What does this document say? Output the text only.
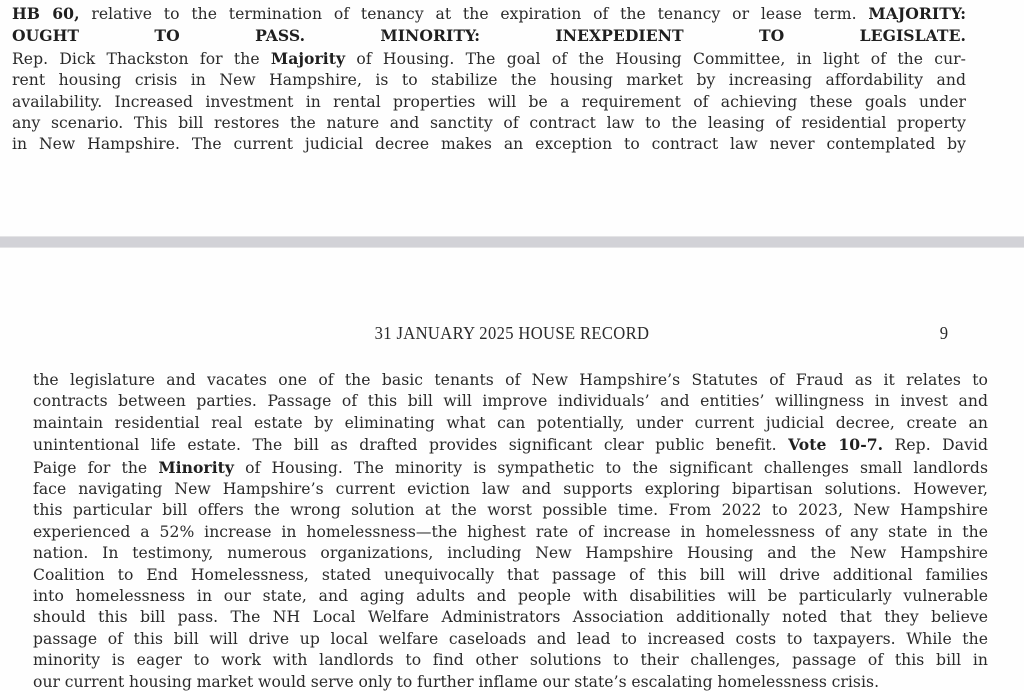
HB 60, relative to the termination of tenancy at the expiration of the tenancy or lease term. MAJORITY:
OUGHT TO PASS. MINORITY: INEXPEDIENT TO LEGISLATE.
Rep. Dick Thackston for the Majority of Housing. The goal of the Housing Committee, in light of the cur-
rent housing crisis in New Hampshire, is to stabilize the housing market by increasing affordability and
availability. Increased investment in rental properties will be a requirement of achieving these goals under
any scenario. This bill restores the nature and sanctity of contract law to the leasing of residential property
in New Hampshire. The current judicial decree makes an exception to contract law never contemplated by
31 JANUARY 2025 HOUSE RECORD	9
the legislature and vacates one of the basic tenants of New Hampshire’s Statutes of Fraud as it relates to
contracts between parties. Passage of this bill will improve individuals’ and entities’ willingness in invest and
maintain residential real estate by eliminating what can potentially, under current judicial decree, create an
unintentional life estate. The bill as drafted provides significant clear public benefit. Vote 10-7. Rep. David
Paige for the Minority of Housing. The minority is sympathetic to the significant challenges small landlords
face navigating New Hampshire’s current eviction law and supports exploring bipartisan solutions. However,
this particular bill offers the wrong solution at the worst possible time. From 2022 to 2023, New Hampshire
experienced a 52% increase in homelessness—the highest rate of increase in homelessness of any state in the
nation. In testimony, numerous organizations, including New Hampshire Housing and the New Hampshire
Coalition to End Homelessness, stated unequivocally that passage of this bill will drive additional families
into homelessness in our state, and aging adults and people with disabilities will be particularly vulnerable
should this bill pass. The NH Local Welfare Administrators Association additionally noted that they believe
passage of this bill will drive up local welfare caseloads and lead to increased costs to taxpayers. While the
minority is eager to work with landlords to find other solutions to their challenges, passage of this bill in
our current housing market would serve only to further inflame our state’s escalating homelessness crisis.
